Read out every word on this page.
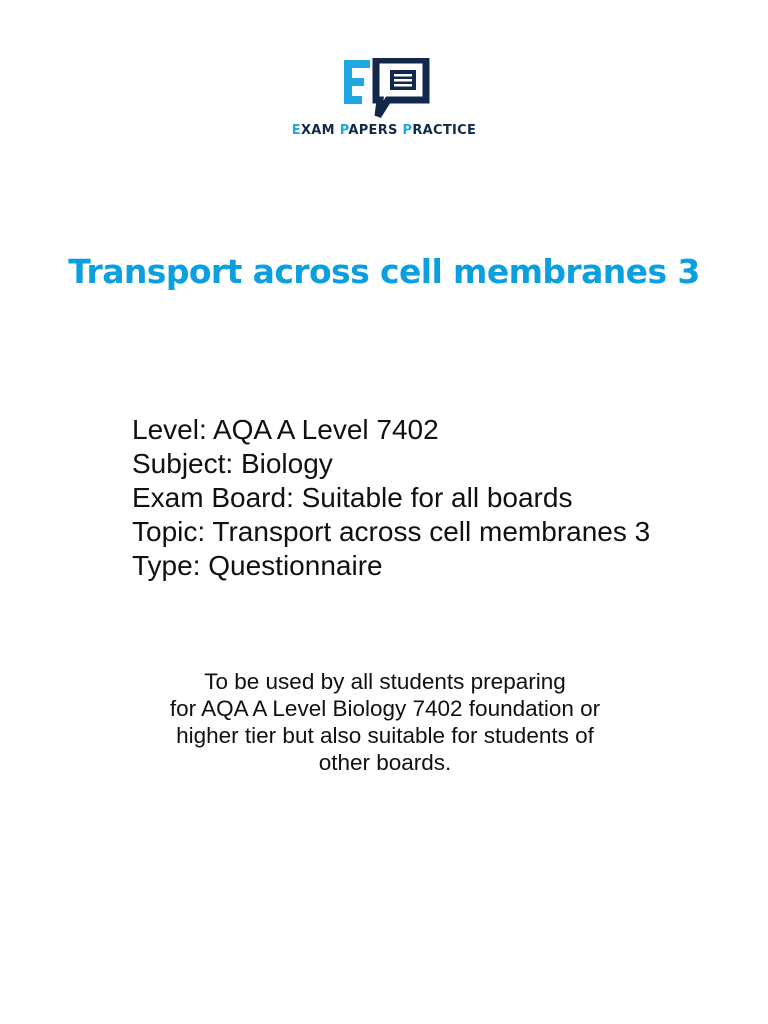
EXAM PAPERS PRACTICE
Transport across cell membranes 3
Level: AQA A Level 7402
Subject: Biology
Exam Board: Suitable for all boards
Topic: Transport across cell membranes 3
Type: Questionnaire
To be used by all students preparing
for AQA A Level Biology 7402 foundation or
higher tier but also suitable for students of
other boards.
